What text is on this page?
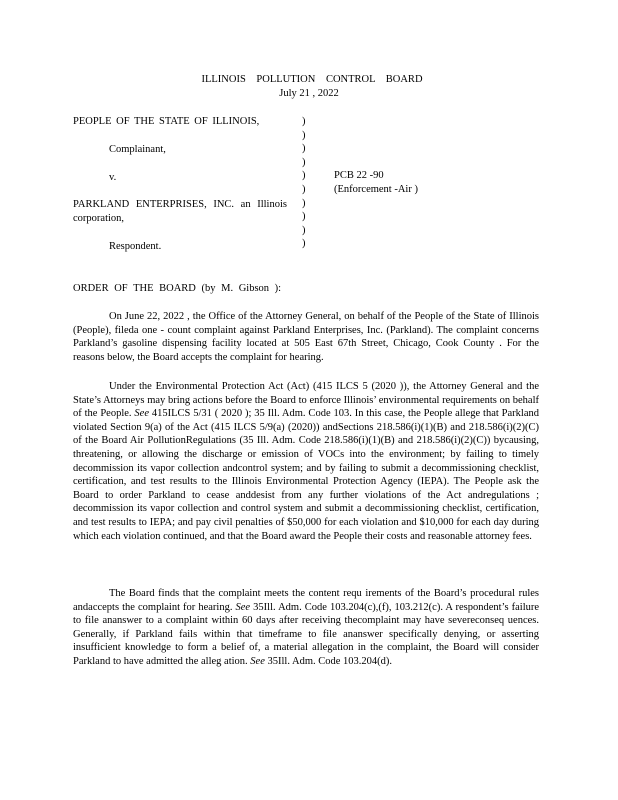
ILLINOIS POLLUTION CONTROL BOARD
July 21 , 2022
PEOPLE OF THE STATE OF ILLINOIS,
Complainant,
v.
PARKLAND ENTERPRISES, INC. an Illinois
corporation,
Respondent.
)
)
)
)
)
)
)
)
)
)
PCB 22 -90
(Enforcement -Air )
ORDER OF THE BOARD (by M. Gibson ):

On June 22, 2022 , the Office of the Attorney General, on behalf of the People of the State of Illinois (People), fileda one - count complaint against Parkland Enterprises, Inc. (Parkland). The complaint concerns Parkland’s gasoline dispensing facility located at 505 East 67th Street, Chicago, Cook County . For the reasons below, the Board accepts the complaint for hearing.

Under the Environmental Protection Act (Act) (415 ILCS 5 (2020 )), the Attorney General and the State’s Attorneys may bring actions before the Board to enforce Illinois’ environmental requirements on behalf of the People. See 415ILCS 5/31 ( 2020 ); 35 Ill. Adm. Code 103. In this case, the People allege that Parkland violated Section 9(a) of the Act (415 ILCS 5/9(a) (2020)) andSections 218.586(i)(1)(B) and 218.586(i)(2)(C) of the Board Air PollutionRegulations (35 Ill. Adm. Code 218.586(i)(1)(B) and 218.586(i)(2)(C)) bycausing, threatening, or allowing the discharge or emission of VOCs into the environment; by failing to timely decommission its vapor collection andcontrol system; and by failing to submit a decommissioning checklist, certification, and test results to the Illinois Environmental Protection Agency (IEPA). The People ask the Board to order Parkland to cease anddesist from any further violations of the Act andregulations ; decommission its vapor collection and control system and submit a decommissioning checklist, certification, and test results to IEPA; and pay civil penalties of $50,000 for each violation and $10,000 for each day during which each violation continued, and that the Board award the People their costs and reasonable attorney fees.

The Board finds that the complaint meets the content requ irements of the Board’s procedural rules andaccepts the complaint for hearing. See 35Ill. Adm. Code 103.204(c),(f), 103.212(c). A respondent’s failure to file ananswer to a complaint within 60 days after receiving thecomplaint may have severeconseq uences. Generally, if Parkland fails within that timeframe to file ananswer specifically denying, or asserting insufficient knowledge to form a belief of, a material allegation in the complaint, the Board will consider Parkland to have admitted the alleg ation. See 35Ill. Adm. Code 103.204(d).
